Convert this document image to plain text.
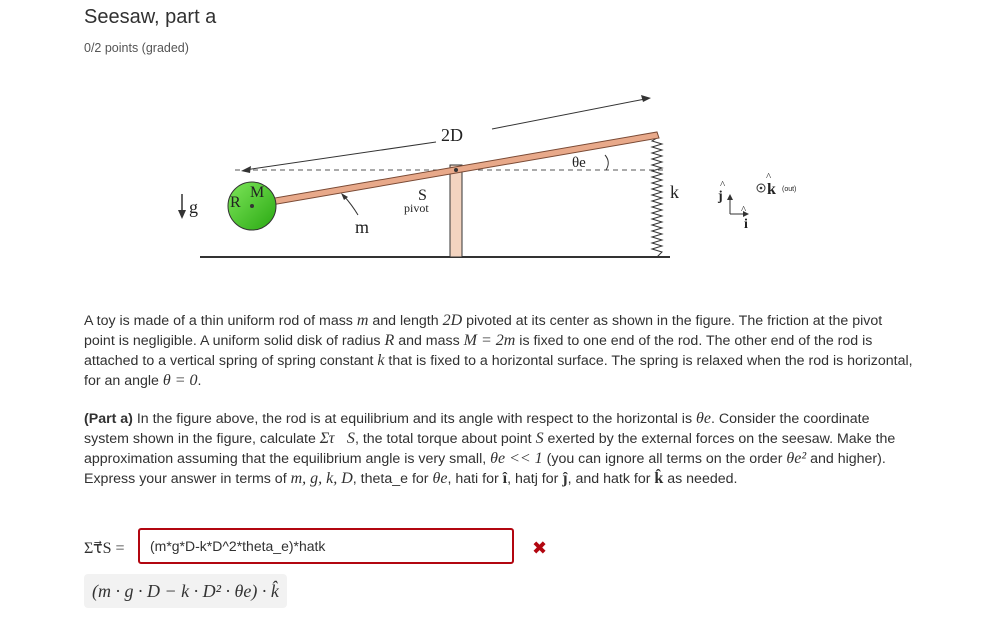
Seesaw, part a
0/2 points (graded)
2D
θe
g R
M
m
S
pivot
k	j
^
i
^
k
^
(out)

A toy is made of a thin uniform rod of mass m and length 2D pivoted at its center as shown in the figure. The friction at the pivot point is negligible. A uniform solid disk of radius R and mass M = 2m is fixed to one end of the rod. The other end of the rod is attached to a vertical spring of spring constant k that is fixed to a horizontal surface. The spring is relaxed when the rod is horizontal, for an angle θ = 0.

(Part a) In the figure above, the rod is at equilibrium and its angle with respect to the horizontal is θe. Consider the coordinate system shown in the figure, calculate Στ⃗S, the total torque about point S exerted by the external forces on the seesaw. Make the approximation assuming that the equilibrium angle is very small, θe << 1 (you can ignore all terms on the order θe² and higher). Express your answer in terms of m, g, k, D, theta_e for θe, hati for î, hatj for ĵ, and hatk for k̂ as needed.

Στ⃗S =
(m*g*D-k*D^2*theta_e)*hatk	✖
(m · g · D − k · D² · θe) · k̂
